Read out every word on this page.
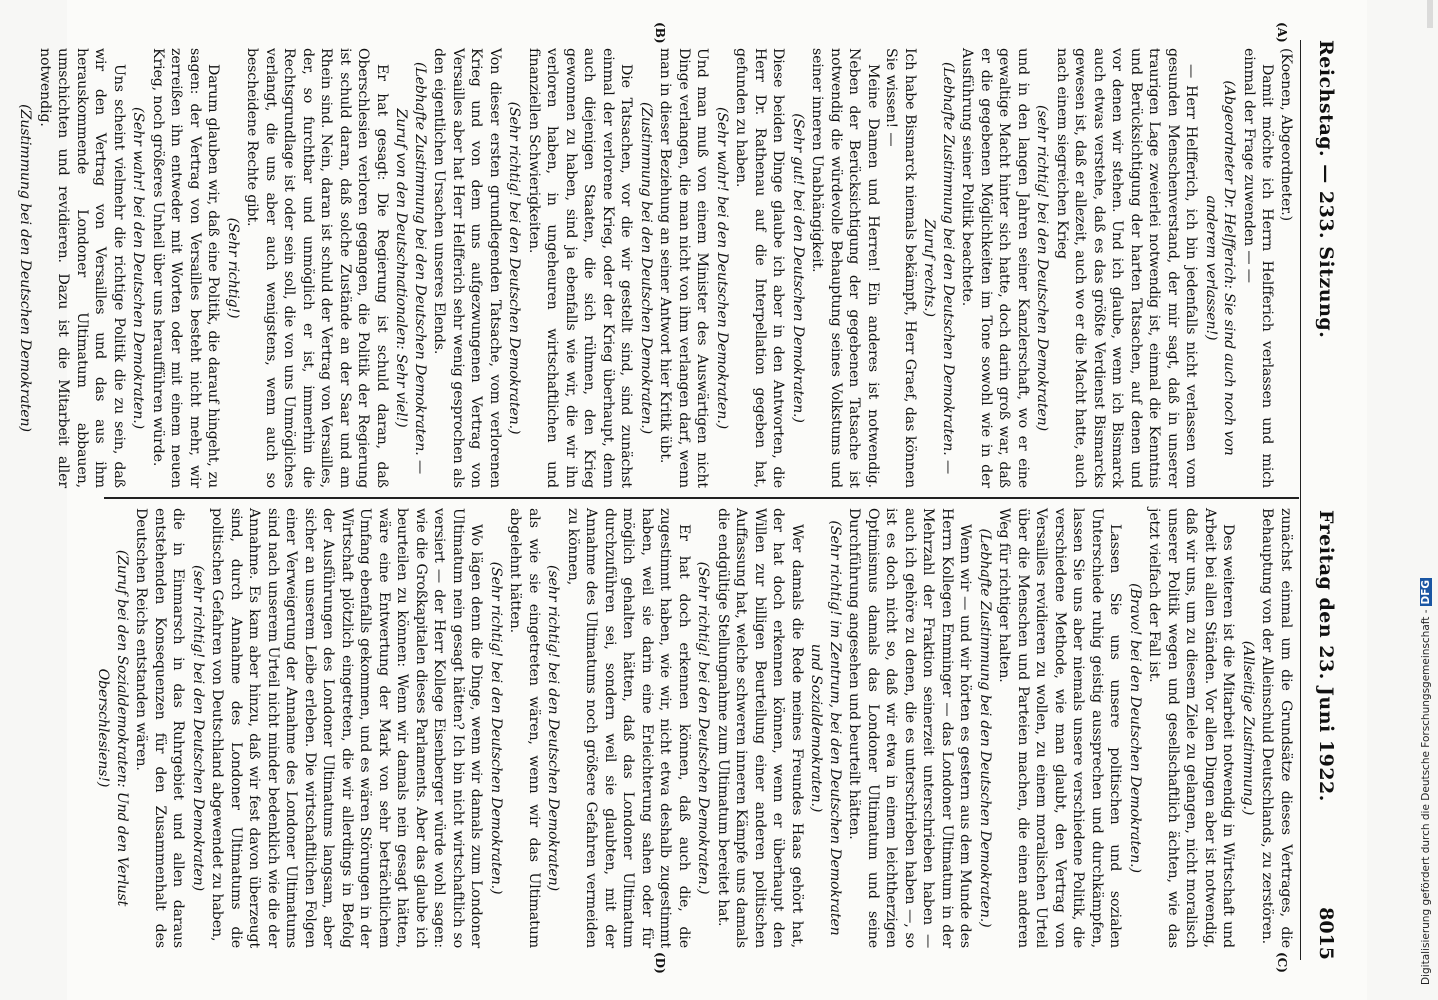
Reichstag. — 233. Sitzung.
Freitag den 23. Juni 1922.
8015
(A)
(B)
(C)
(D)

(Koenen, Abgeordneter.)

Damit möchte ich Herrn Helfferich verlassen und mich einmal der Frage zuwenden — —

(Abgeordneter Dr. Helfferich: Sie sind auch noch von anderem verlassen!)

— Herr Helfferich, ich bin jedenfalls nicht verlassen vom gesunden Menschenverstand, der mir sagt, daß in unserer traurigen Lage zweierlei notwendig ist, einmal die Kenntnis und Berücksichtigung der harten Tatsachen, auf denen und vor denen wir stehen. Und ich glaube, wenn ich Bismarck auch etwas verstehe, daß es das größte Verdienst Bismarcks gewesen ist, daß er allezeit, auch wo er die Macht hatte, auch nach einem siegreichen Krieg

(sehr richtig! bei den Deutschen Demokraten)

und in den langen Jahren seiner Kanzlerschaft, wo er eine gewaltige Macht hinter sich hatte, doch darin groß war, daß er die gegebenen Möglichkeiten im Tone sowohl wie in der Ausführung seiner Politik beachtete.

(Lebhafte Zustimmung bei den Deutschen Demokraten. — Zuruf rechts.)

Ich habe Bismarck niemals bekämpft, Herr Graef, das können Sie wissen! —

Meine Damen und Herren! Ein anderes ist notwendig. Neben der Berücksichtigung der gegebenen Tatsache ist notwendig die würdevolle Behauptung seines Volkstums und seiner inneren Unabhängigkeit.

(Sehr gut! bei den Deutschen Demokraten.)

Diese beiden Dinge glaube ich aber in den Antworten, die Herr Dr. Rathenau auf die Interpellation gegeben hat, gefunden zu haben.

(Sehr wahr! bei den Deutschen Demokraten.)

Und man muß von einem Minister des Auswärtigen nicht Dinge verlangen, die man nicht von ihm verlangen darf, wenn man in dieser Beziehung an seiner Antwort hier Kritik übt.

(Zustimmung bei den Deutschen Demokraten.)

Die Tatsachen, vor die wir gestellt sind, sind zunächst einmal der verlorene Krieg, oder der Krieg überhaupt, denn auch diejenigen Staaten, die sich rühmen, den Krieg gewonnen zu haben, sind ja ebenfalls wie wir, die wir ihn verloren haben, in ungeheuren wirtschaftlichen und finanziellen Schwierigkeiten.

(Sehr richtig! bei den Deutschen Demokraten.)

Von dieser ersten grundlegenden Tatsache, vom verlorenen Krieg und von dem uns aufgezwungenen Vertrag von Versailles aber hat Herr Helfferich sehr wenig gesprochen als den eigentlichen Ursachen unseres Elends.

(Lebhafte Zustimmung bei den Deutschen Demokraten. — Zuruf von den Deutschnationalen: Sehr viel!)

Er hat gesagt: Die Regierung ist schuld daran, daß Oberschlesien verloren gegangen, die Politik der Regierung ist schuld daran, daß solche Zustände an der Saar und am Rhein sind. Nein, daran ist schuld der Vertrag von Versailles, der, so furchtbar und unmöglich er ist, immerhin die Rechtsgrundlage ist oder sein soll, die von uns Unmögliches verlangt, die uns aber auch wenigstens, wenn auch so bescheidene Rechte gibt.

(Sehr richtig!)

Darum glauben wir, daß eine Politik, die darauf hingeht, zu sagen: der Vertrag von Versailles besteht nicht mehr, wir zerreißen ihn entweder mit Worten oder mit einem neuen Krieg, noch größeres Unheil über uns heraufführen würde.

(Sehr wahr! bei den Deutschen Demokraten.)

Uns scheint vielmehr die richtige Politik die zu sein, daß wir den Vertrag von Versailles und das aus ihm herauskommende Londoner Ultimatum abbauen, umschichten und revidieren. Dazu ist die Mitarbeit aller notwendig.

(Zustimmung bei den Deutschen Demokraten)

zunächst einmal um die Grundsätze dieses Vertrages, die Behauptung von der Alleinschuld Deutschlands, zu zerstören.

(Allseitige Zustimmung.)

Des weiteren ist die Mitarbeit notwendig in Wirtschaft und Arbeit bei allen Ständen. Vor allen Dingen aber ist notwendig, daß wir uns, um zu diesem Ziele zu gelangen, nicht moralisch unserer Politik wegen und gesellschaftlich ächten, wie das jetzt vielfach der Fall ist.

(Bravo! bei den Deutschen Demokraten.)

Lassen Sie uns unsere politischen und sozialen Unterschiede ruhig geistig aussprechen und durchkämpfen, lassen Sie uns aber niemals unsere verschiedene Politik, die verschiedene Methode, wie man glaubt, den Vertrag von Versailles revidieren zu wollen, zu einem moralischen Urteil über die Menschen und Parteien machen, die einen anderen Weg für richtiger halten.

(Lebhafte Zustimmung bei den Deutschen Demokraten.)

Wenn wir — und wir hörten es gestern aus dem Munde des Herrn Kollegen Emminger — das Londoner Ultimatum in der Mehrzahl der Fraktion seinerzeit unterschrieben haben — auch ich gehöre zu denen, die es unterschrieben haben —, so ist es doch nicht so, daß wir etwa in einem leichtherzigen Optimismus damals das Londoner Ultimatum und seine Durchführung angesehen und beurteilt hätten.

(Sehr richtig! im Zentrum, bei den Deutschen Demokraten und Sozialdemokraten.)

Wer damals die Rede meines Freundes Haas gehört hat, der hat doch erkennen können, wenn er überhaupt den Willen zur billigen Beurteilung einer anderen politischen Auffassung hat, welche schweren inneren Kämpfe uns damals die endgültige Stellungnahme zum Ultimatum bereitet hat.

(Sehr richtig! bei den Deutschen Demokraten.)

Er hat doch erkennen können, daß auch die, die zugestimmt haben, wie wir, nicht etwa deshalb zugestimmt haben, weil sie darin eine Erleichterung sahen oder für möglich gehalten hätten, daß das Londoner Ultimatum durchzuführen sei, sondern weil sie glaubten, mit der Annahme des Ultimatums noch größere Gefahren vermeiden zu können,

(sehr richtig! bei den Deutschen Demokraten)

als wie sie eingetreten wären, wenn wir das Ultimatum abgelehnt hätten.

(Sehr richtig! bei den Deutschen Demokraten.)

Wo lägen denn die Dinge, wenn wir damals zum Londoner Ultimatum nein gesagt hätten? Ich bin nicht wirtschaftlich so versiert — der Herr Kollege Eisenberger würde wohl sagen: wie die Großkapitalen dieses Parlaments. Aber das glaube ich beurteilen zu können: Wenn wir damals nein gesagt hätten, wäre eine Entwertung der Mark von sehr beträchtlichem Umfang ebenfalls gekommen, und es wären Störungen in der Wirtschaft plötzlich eingetreten, die wir allerdings in Befolg der Ausführungen des Londoner Ultimatums langsam, aber sicher an unserem Leibe erleben. Die wirtschaftlichen Folgen einer Verweigerung der Annahme des Londoner Ultimatums sind nach unserem Urteil nicht minder bedenklich wie die der Annahme. Es kam aber hinzu, daß wir fest davon überzeugt sind, durch Annahme des Londoner Ultimatums die politischen Gefahren von Deutschland abgewendet zu haben,

(sehr richtig! bei den Deutschen Demokraten)

die in Einmarsch in das Ruhrgebiet und allen daraus entstehenden Konsequenzen für den Zusammenhalt des Deutschen Reichs entstanden wären.

(Zuruf bei den Sozialdemokraten: Und den Verlust Oberschlesiens!)	Digitalisierung gefördert durch die Deutsche Forschungsgemeinschaft -DFG
